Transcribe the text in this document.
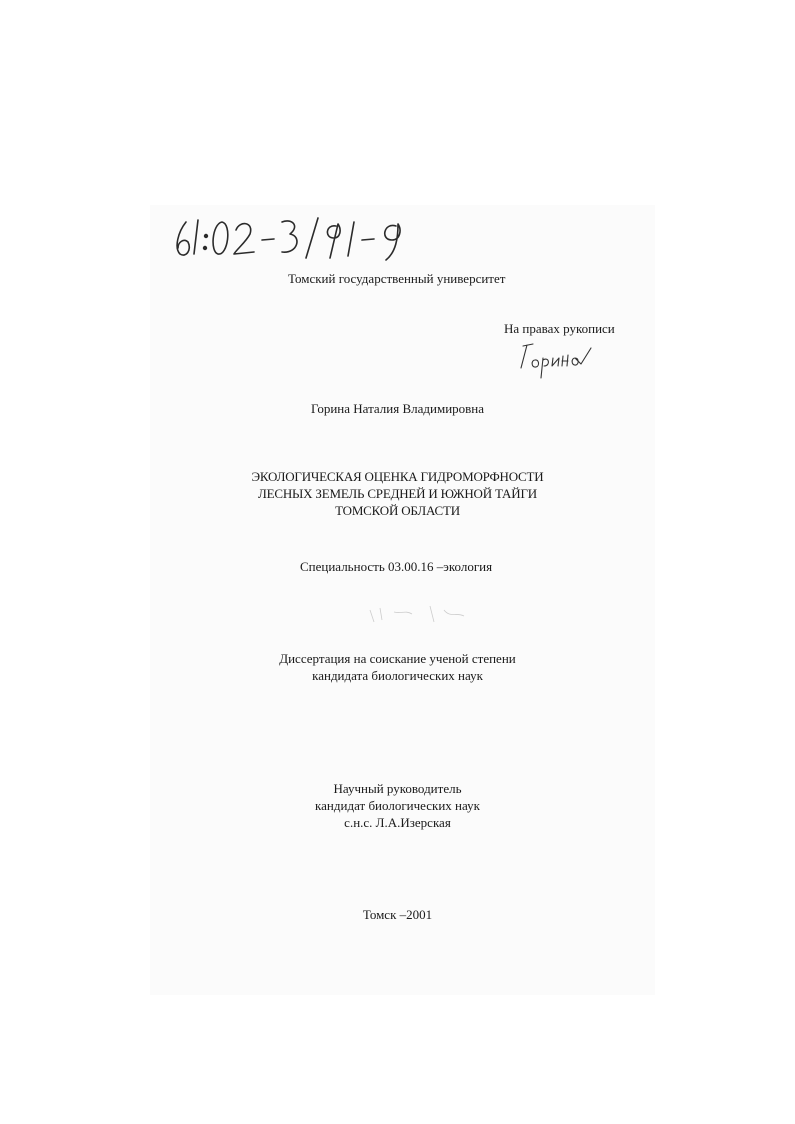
Томский государственный университет
На правах рукописи
Горина Наталия Владимировна
ЭКОЛОГИЧЕСКАЯ ОЦЕНКА ГИДРОМОРФНОСТИ
ЛЕСНЫХ ЗЕМЕЛЬ СРЕДНЕЙ И ЮЖНОЙ ТАЙГИ
ТОМСКОЙ ОБЛАСТИ
Специальность 03.00.16 –экология
Диссертация на соискание ученой степени
кандидата биологических наук
Научный руководитель
кандидат биологических наук
с.н.с. Л.А.Изерская
Томск –2001
